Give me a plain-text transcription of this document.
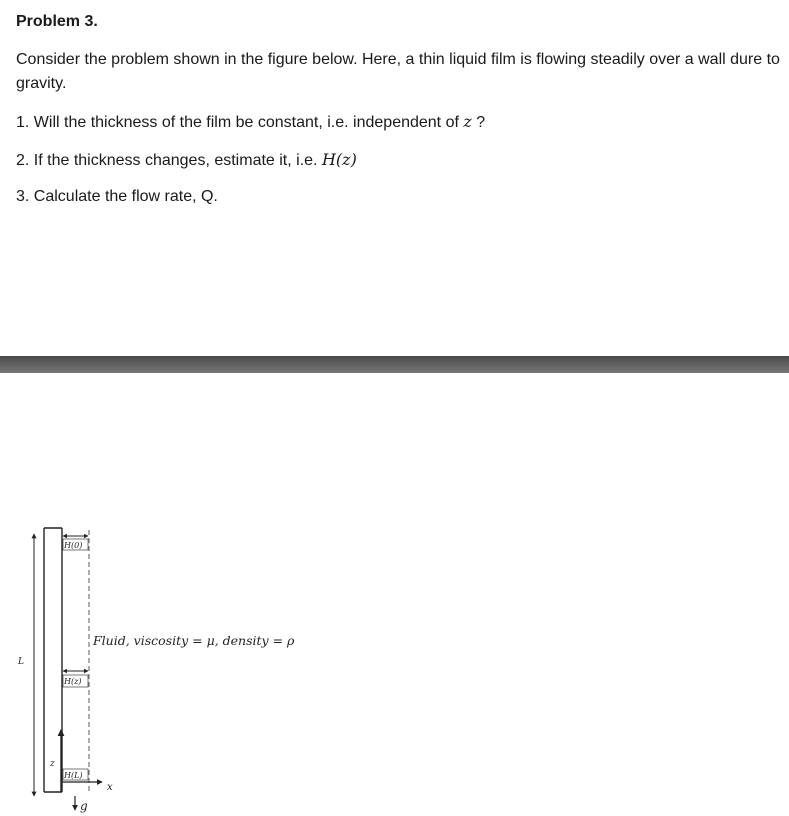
Problem 3.

Consider the problem shown in the figure below. Here, a thin liquid film is flowing steadily over a wall dure to gravity.

1. Will the thickness of the film be constant, i.e. independent of z ?
2. If the thickness changes, estimate it, i.e. H(z)
3. Calculate the flow rate, Q.
L
z
H(0)
H(z)
H(L)
x
g
Fluid, viscosity = μ, density = ρ
